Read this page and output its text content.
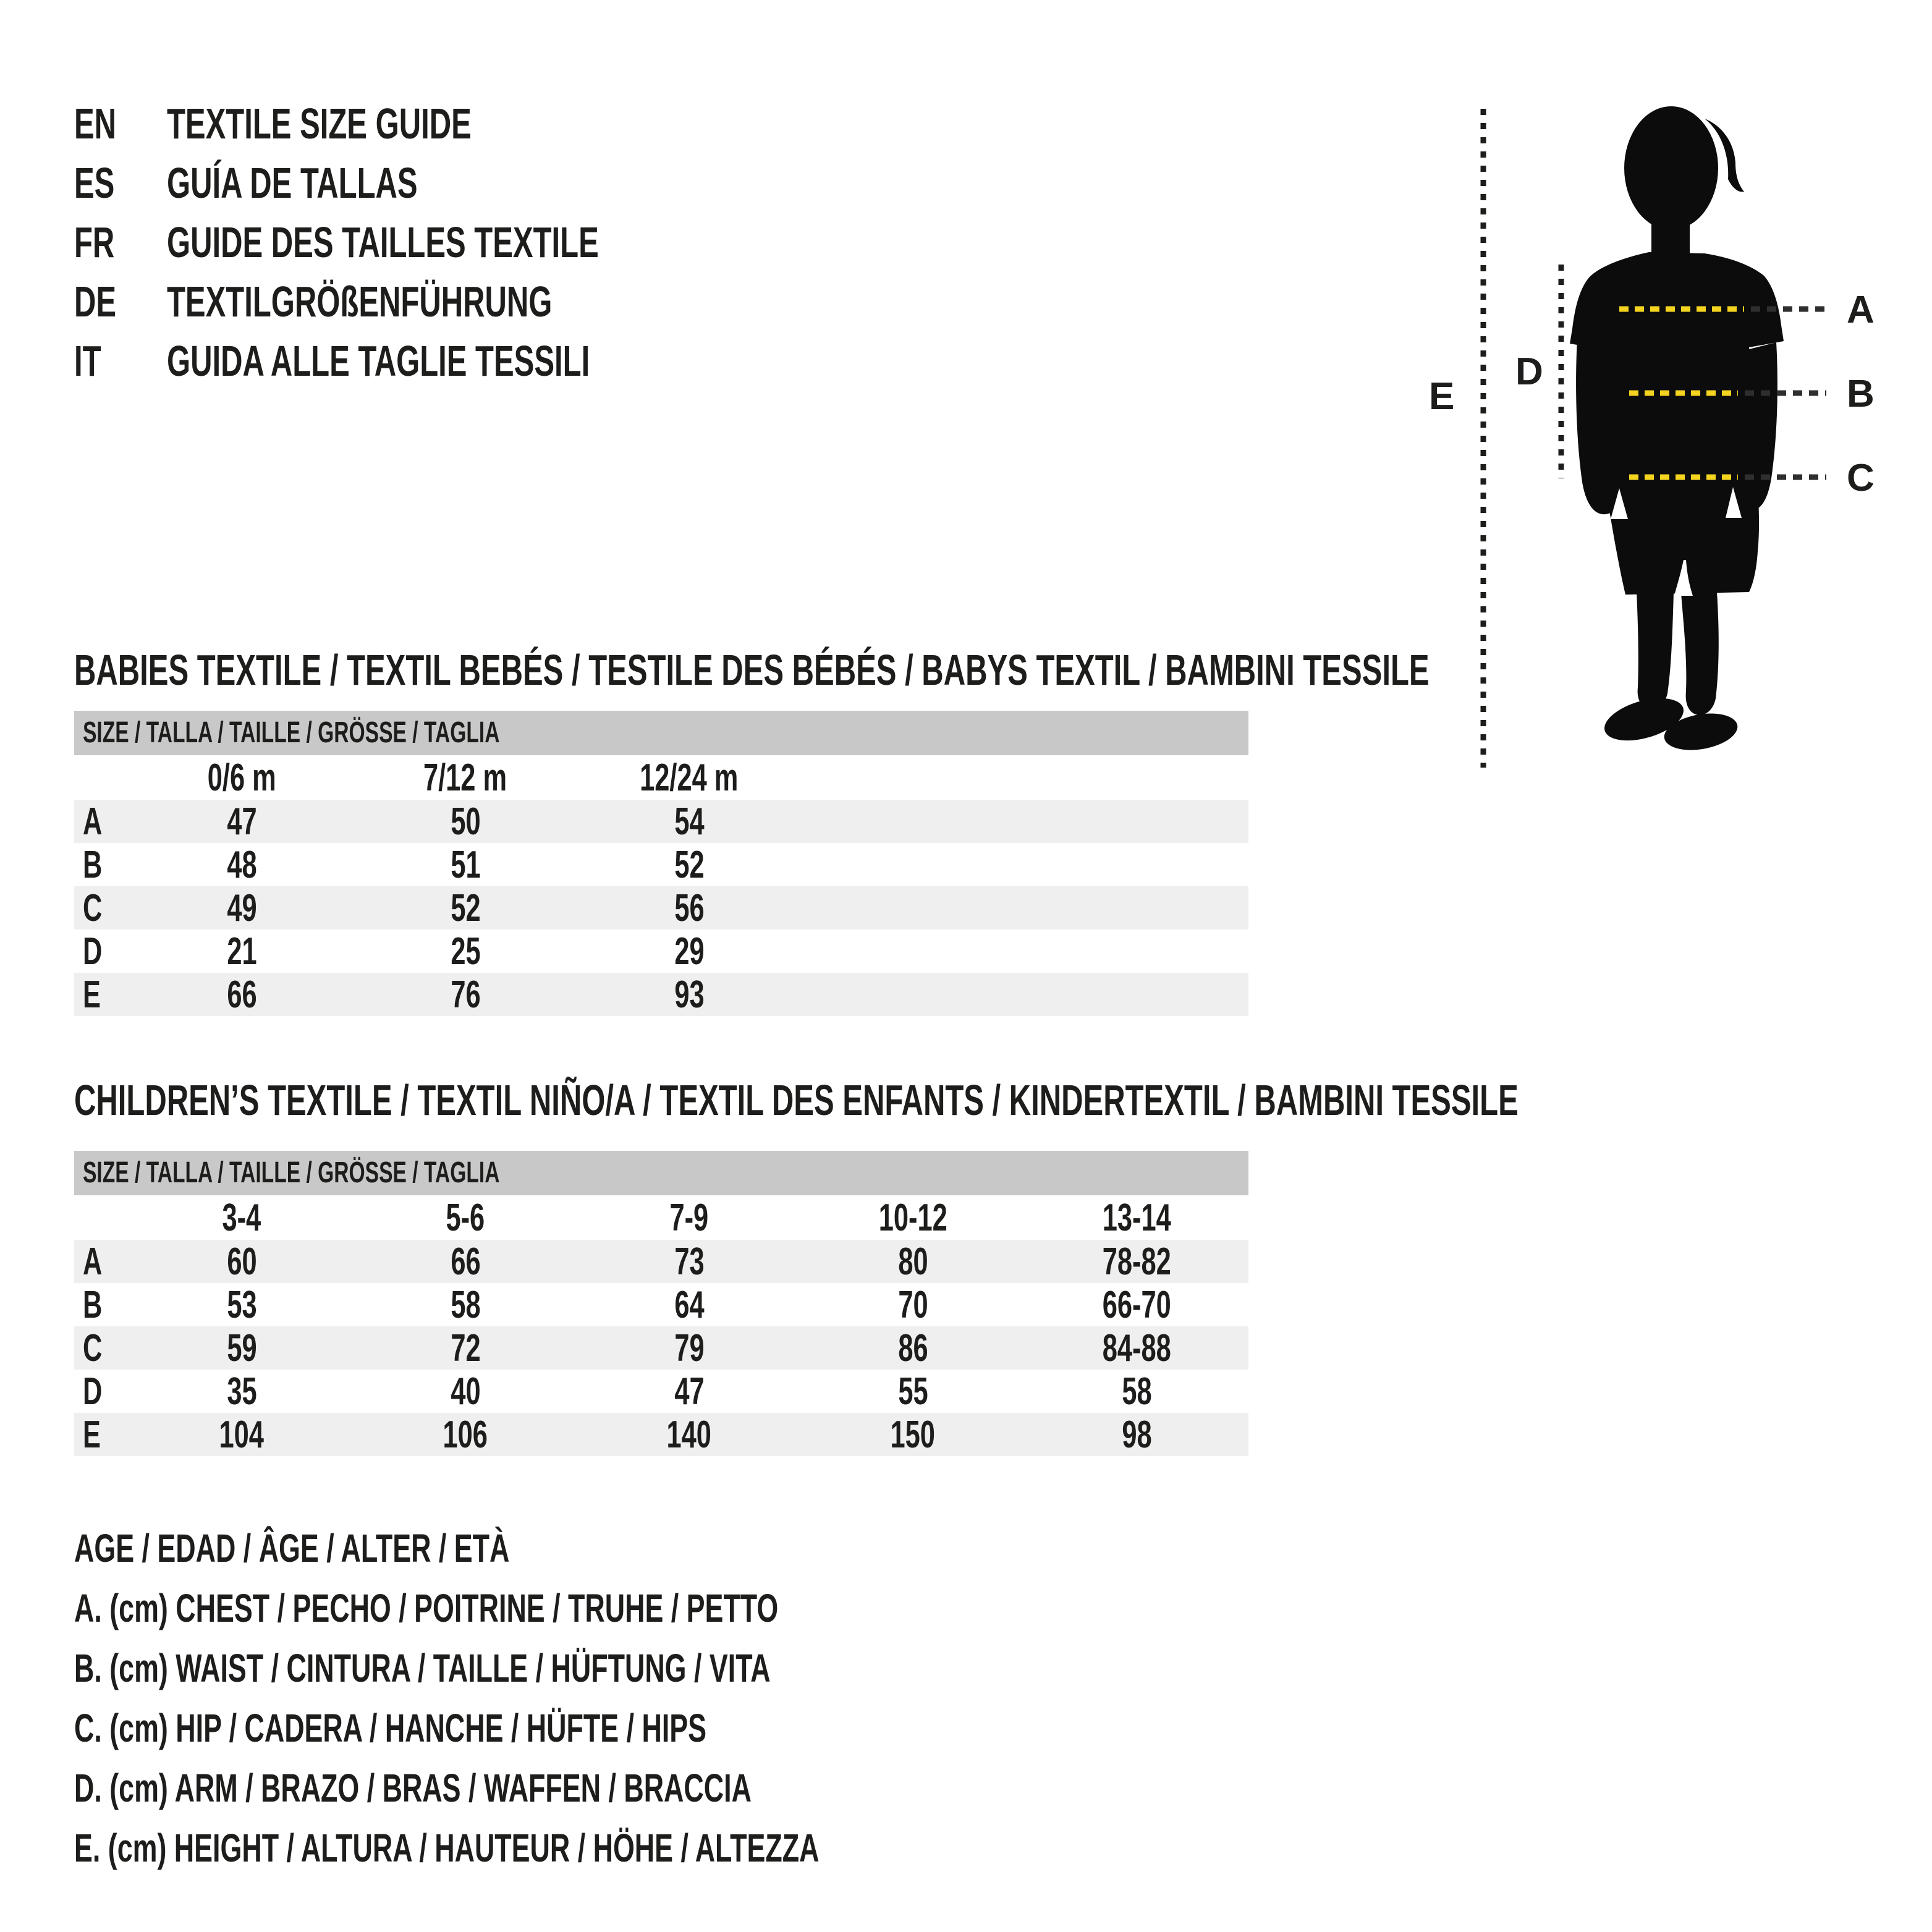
EN TEXTILE SIZE GUIDE
ES GUÍA DE TALLAS
FR GUIDE DES TAILLES TEXTILE
DE TEXTILGRÖßENFÜHRUNG
IT GUIDA ALLE TAGLIE TESSILI
A
B
C
D
E
BABIES TEXTILE / TEXTIL BEBÉS / TESTILE DES BÉBÉS / BABYS TEXTIL / BAMBINI TESSILE
SIZE / TALLA / TAILLE / GRÖSSE / TAGLIA
0/6 m	7/12 m	12/24 m
A	47	50	54
B	48	51	52
C	49	52	56
D	21	25	29
E	66	76	93
CHILDREN’S TEXTILE / TEXTIL NIÑO/A / TEXTIL DES ENFANTS / KINDERTEXTIL / BAMBINI TESSILE
SIZE / TALLA / TAILLE / GRÖSSE / TAGLIA
3-4	5-6	7-9	10-12	13-14
A	60	66	73	80	78-82
B	53	58	64	70	66-70
C	59	72	79	86	84-88
D	35	40	47	55	58
E	104	106	140	150	98
AGE / EDAD / ÂGE / ALTER / ETÀ
A. (cm) CHEST / PECHO / POITRINE / TRUHE / PETTO
B. (cm) WAIST / CINTURA / TAILLE / HÜFTUNG / VITA
C. (cm) HIP / CADERA / HANCHE / HÜFTE / HIPS
D. (cm) ARM / BRAZO / BRAS / WAFFEN / BRACCIA
E. (cm) HEIGHT / ALTURA / HAUTEUR / HÖHE / ALTEZZA
